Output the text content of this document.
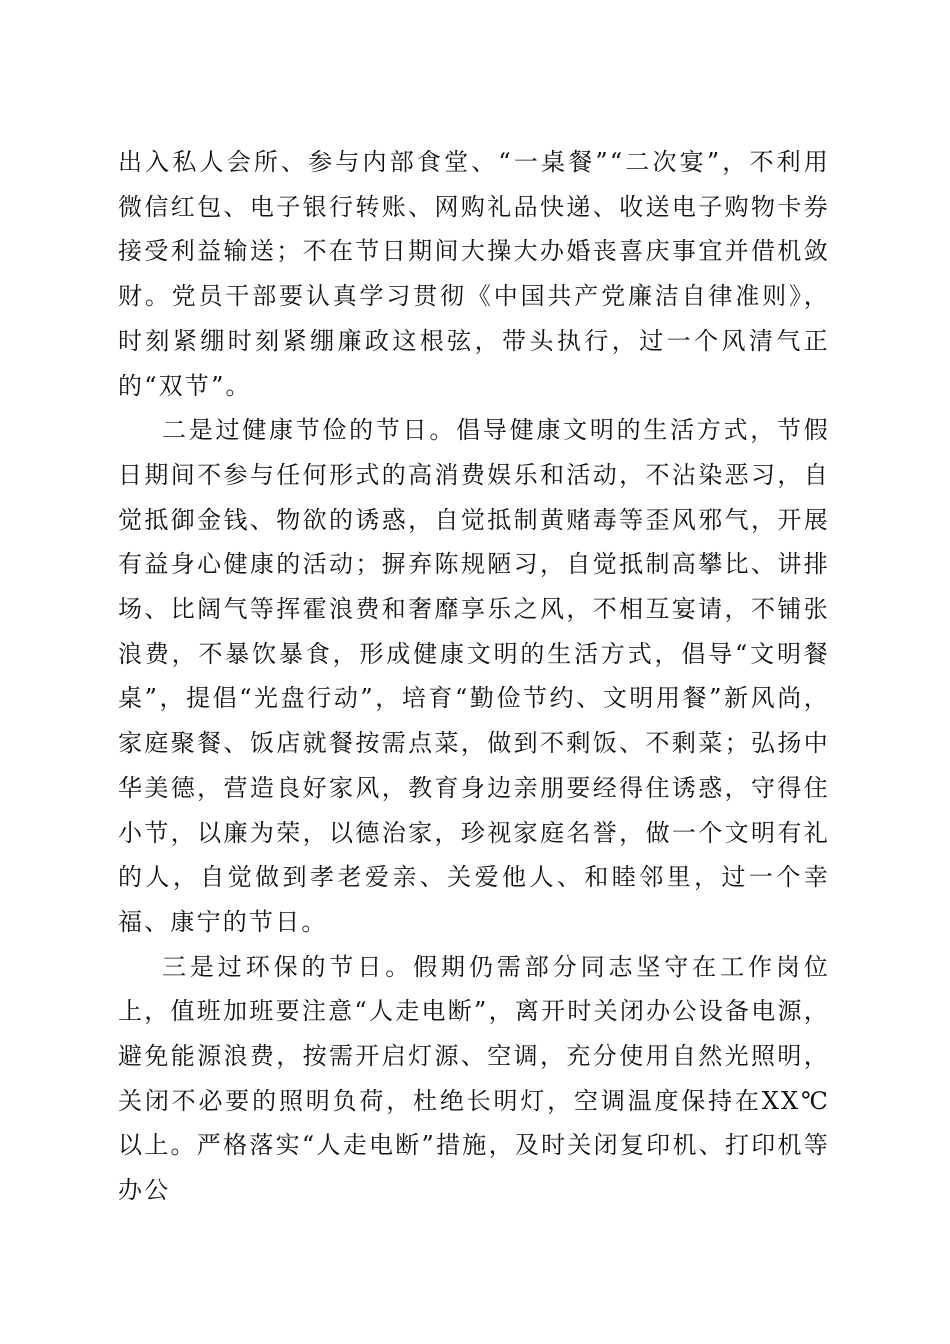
出入私人会所、参与内部食堂、“一桌餐”“二次宴”，不利用微信红包、电子银行转账、网购礼品快递、收送电子购物卡券接受利益输送；不在节日期间大操大办婚丧喜庆事宜并借机敛财。党员干部要认真学习贯彻《中国共产党廉洁自律准则》，时刻紧绷时刻紧绷廉政这根弦，带头执行，过一个风清气正的“双节”。

二是过健康节俭的节日。倡导健康文明的生活方式，节假日期间不参与任何形式的高消费娱乐和活动，不沾染恶习，自觉抵御金钱、物欲的诱惑，自觉抵制黄赌毒等歪风邪气，开展有益身心健康的活动；摒弃陈规陋习，自觉抵制高攀比、讲排场、比阔气等挥霍浪费和奢靡享乐之风，不相互宴请，不铺张浪费，不暴饮暴食，形成健康文明的生活方式，倡导“文明餐桌”，提倡“光盘行动”，培育“勤俭节约、文明用餐”新风尚，家庭聚餐、饭店就餐按需点菜，做到不剩饭、不剩菜；弘扬中华美德，营造良好家风，教育身边亲朋要经得住诱惑，守得住小节，以廉为荣，以德治家，珍视家庭名誉，做一个文明有礼的人，自觉做到孝老爱亲、关爱他人、和睦邻里，过一个幸福、康宁的节日。

三是过环保的节日。假期仍需部分同志坚守在工作岗位上，值班加班要注意“人走电断”，离开时关闭办公设备电源，避免能源浪费，按需开启灯源、空调，充分使用自然光照明，关闭不必要的照明负荷，杜绝长明灯，空调温度保持在XX℃以上。严格落实“人走电断”措施，及时关闭复印机、打印机等办公
